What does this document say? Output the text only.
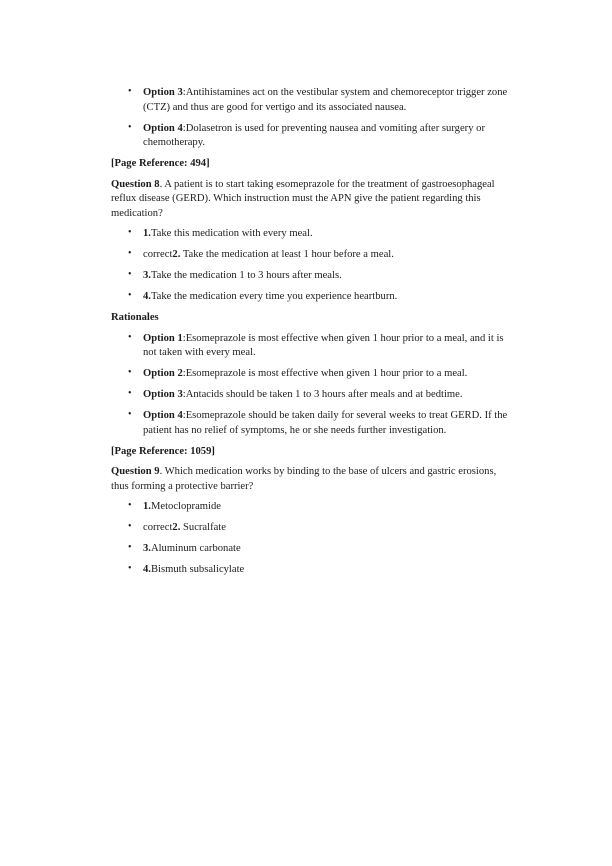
• Option 3:Antihistamines act on the vestibular system and chemoreceptor trigger zone (CTZ) and thus are good for vertigo and its associated nausea.
• Option 4:Dolasetron is used for preventing nausea and vomiting after surgery or chemotherapy.

[Page Reference: 494]

Question 8. A patient is to start taking esomeprazole for the treatment of gastroesophageal reflux disease (GERD). Which instruction must the APN give the patient regarding this medication?

• 1.Take this medication with every meal.
• correct2. Take the medication at least 1 hour before a meal.
• 3.Take the medication 1 to 3 hours after meals.
• 4.Take the medication every time you experience heartburn.

Rationales

• Option 1:Esomeprazole is most effective when given 1 hour prior to a meal, and it is not taken with every meal.
• Option 2:Esomeprazole is most effective when given 1 hour prior to a meal.
• Option 3:Antacids should be taken 1 to 3 hours after meals and at bedtime.
• Option 4:Esomeprazole should be taken daily for several weeks to treat GERD. If the patient has no relief of symptoms, he or she needs further investigation.

[Page Reference: 1059]

Question 9. Which medication works by binding to the base of ulcers and gastric erosions, thus forming a protective barrier?

• 1.Metoclopramide
• correct2. Sucralfate
• 3.Aluminum carbonate
• 4.Bismuth subsalicylate
